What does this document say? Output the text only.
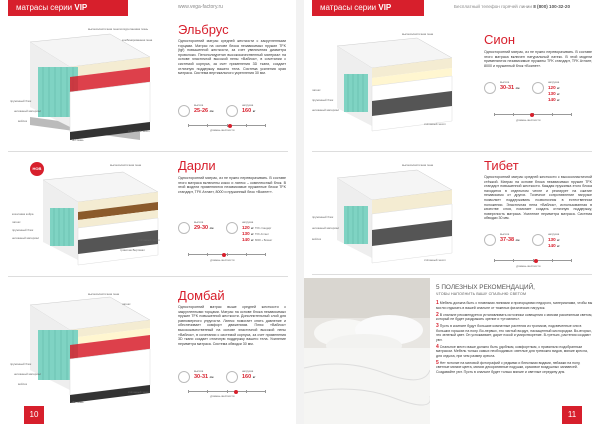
матрасы серии VIP	www.vega-factory.ru
высокоэластичная пенополиуретановая ткань
комбинированная пена
пружинный блок
нетканный материал
войлок
стёганный чехол
3D-ткань
Эльбрус
Односторонний матрас средней жесткости с закругленными торцами. Матрас на основе блока независимых пружин TFK (tgf) повышенной жесткости, за счет увеличения диаметра проволоки. Пенополиуретан высококачественный материал на основе эластичной высокой пены «Ваблок», в сочетании с системой корпуса, за счет применения 3D ткани, создает отличную поддержку вашего тела. Система усиления края матраса. Система вертикального укрепления 30 мм.
высота
25-26 см
нагрузка
160 кг
уровень жесткости
НОВ
высокоэластичная пена
кокосовая койра
латекс
пружинный блок
нетканный материал	стёганный чехол
трикотаж Вертикал
Дарли
Односторонний матрас, из не нужно переворачивать. В составе этого матраса включены кокос и латекс – комплексный блок. В этой модели применяются независимые пружинные блоки TFK стандарт, TFK Aтлант, 8000 и пружинный блок «Boинет».
высота
29-30 см
нагрузка
120 кг TFK стандарт
130 кг TFK Aтлант
140 кг 8000 + Boинет
уровень жесткости
высокоэластичная пена
латекс
пружинный блок
нетканный материал
войлок
стёганный чехол
3D-ткань
Домбай
Односторонний матрас выше средней жесткости с закругленными торцами. Матрас на основе блока независимых пружин TFK повышенной жесткости. Дополнительный слой для равномерного упругости. Латекс помогает снять давление и обеспечивает комфорт движениям. Плюс «Ваблок» высококачественный на основе эластичной высокой пены «Ваблок», в сочетании с системой корпуса, за счет применения 3D ткани создает отличную поддержку вашего тела. Усиление периметра матраса. Система обводки 30 мм.
высота
30-31 см
нагрузка
160 кг
уровень жесткости
10
матрасы серии VIP	Бесплатный телефон горячей линии 8 (800) 100-32-20
высокоэластичная пена
латекс
пружинный блок
нетканный материал
стёганный чехол
Сион
Односторонний матрас, из не нужно переворачивать. В составе этого матраса включен натуральный латекс. В этой модели применяются независимые пружины TFK стандарт, TFK Aтлант, 8000 и пружинный блок «Boинет».
высота
30-31 см
нагрузка
120 кг
130 кг
140 кг
уровень жесткости
высокоэластичная пена
пружинный блок
нетканный материал
войлок
стёганный чехол
Тибет
Односторонний матрас средней жесткости с высокоэластичной стёжкой. Матрас на основе блока независимых пружин TFK стандарт повышенной жесткости. Каждая пружинка этого блока находится в отдельном чехле и реагирует на сжатие независимо от других. Точечное сопротивление нагрузке позволяет поддерживать позвоночник в естественном положении. Эластичная пена «Ваблок», использованная в качестве слоя, помогает создать отличную поддержку, поверхность матраса. Усиление периметра матраса. Система обводки 30 мм.
высота
37-38 см
нагрузка
130 кг
140 кг
уровень жесткости
5 ПОЛЕЗНЫХ РЕКОМЕНДАЦИЙ,
ЧТОБЫ НАПОЛНИТЬ ВАШУ СПАЛЬНЮ СВЕТОМ

1 Мебель должна быть с плавными линиями и пропорциями недорого, материалами, чтобы вы могли отдыхать в вашей спальне от тяжелых физических нагрузок.

2 В спальне рекомендуется устанавливать источники освещения с мягким рассеянным светом, который не будет раздражать зрение и «утомлять».

3 Пусть в комнате будут большие комнатные растения из тропиков, подсвеченные или в больших горшках на полу. Во-первых, это чистый воздух, насыщенный кислородом. Во-вторых, это зеленый цвет. Он успокаивает, дарит покой и умиротворение. В-третьих, растения создают уют.

4 Спальное место ваше должно быть удобным, комфортным, с правильно подобранным матрасом. Мебель только самых необходимых: светлые для тревожно видов, мягкие кресла, для отдыха, при чем размер кресла.

5 Нет потолке на матовой фотографий с редкими и блеклыми видами, пейзажи на полу, светлые мягкие цвета, мягких декоративные подушки, красивое воздушных занавесей. Создавайте уют. Пусть в спальне будет только мягкие и светлые середину дня.

11
